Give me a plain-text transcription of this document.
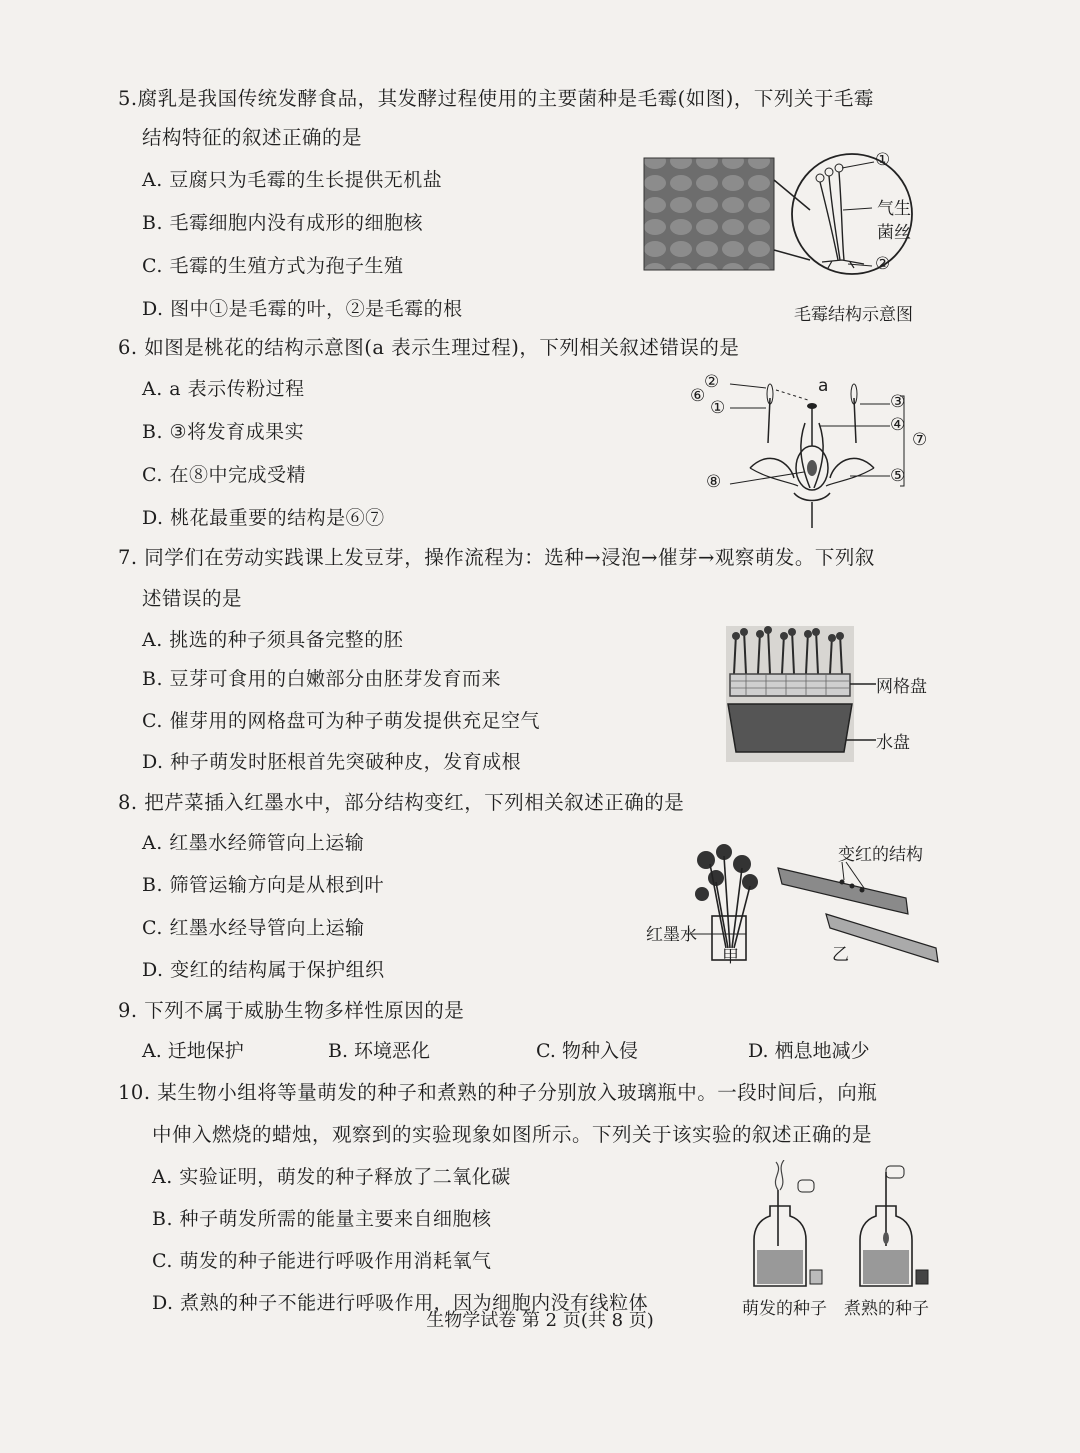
5.腐乳是我国传统发酵食品，其发酵过程使用的主要菌种是毛霉(如图)，下列关于毛霉
结构特征的叙述正确的是
A. 豆腐只为毛霉的生长提供无机盐
B. 毛霉细胞内没有成形的细胞核
C. 毛霉的生殖方式为孢子生殖
D. 图中①是毛霉的叶，②是毛霉的根
①
气生
菌丝
②
毛霉结构示意图
6. 如图是桃花的结构示意图(a 表示生理过程)，下列相关叙述错误的是
A. a 表示传粉过程
B. ③将发育成果实
C. 在⑧中完成受精
D. 桃花最重要的结构是⑥⑦
②
⑥
①
a
③
④
⑦
⑤
⑧
7. 同学们在劳动实践课上发豆芽，操作流程为：选种→浸泡→催芽→观察萌发。下列叙
述错误的是
A. 挑选的种子须具备完整的胚
B. 豆芽可食用的白嫩部分由胚芽发育而来
C. 催芽用的网格盘可为种子萌发提供充足空气
D. 种子萌发时胚根首先突破种皮，发育成根
网格盘
水盘
8. 把芹菜插入红墨水中，部分结构变红，下列相关叙述正确的是
A. 红墨水经筛管向上运输
B. 筛管运输方向是从根到叶
C. 红墨水经导管向上运输
D. 变红的结构属于保护组织
变红的结构
红墨水
甲	乙
9. 下列不属于威胁生物多样性原因的是
A. 迁地保护	B. 环境恶化	C. 物种入侵	D. 栖息地减少
10. 某生物小组将等量萌发的种子和煮熟的种子分别放入玻璃瓶中。一段时间后，向瓶
中伸入燃烧的蜡烛，观察到的实验现象如图所示。下列关于该实验的叙述正确的是
A. 实验证明，萌发的种子释放了二氧化碳
B. 种子萌发所需的能量主要来自细胞核
C. 萌发的种子能进行呼吸作用消耗氧气
D. 煮熟的种子不能进行呼吸作用，因为细胞内没有线粒体	萌发的种子 煮熟的种子
生物学试卷 第 2 页(共 8 页)
